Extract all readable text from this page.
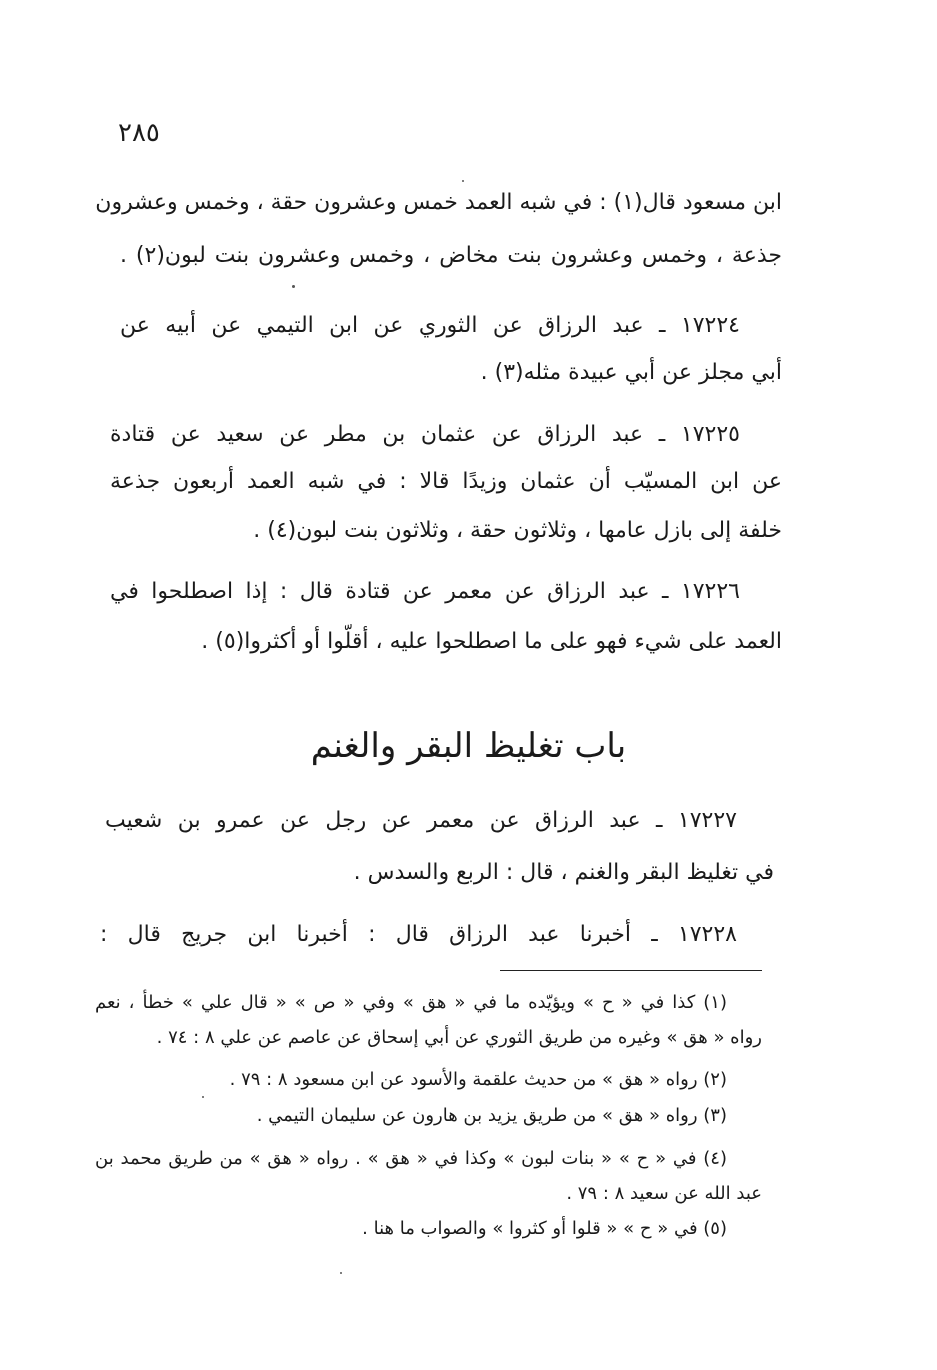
٢٨٥
ابن مسعود قال(١) : في شبه العمد خمس وعشرون حقة ، وخمس وعشرون
جذعة ، وخمس وعشرون بنت مخاض ، وخمس وعشرون بنت لبون(٢) .
١٧٢٢٤ ـ عبد الرزاق عن الثوري عن ابن التيمي عن أبيه عن
أبي مجلز عن أبي عبيدة مثله(٣) .
١٧٢٢٥ ـ عبد الرزاق عن عثمان بن مطر عن سعيد عن قتادة
عن ابن المسيّب أن عثمان وزيدًا قالا : في شبه العمد أربعون جذعة
خلفة إلى بازل عامها ، وثلاثون حقة ، وثلاثون بنت لبون(٤) .
١٧٢٢٦ ـ عبد الرزاق عن معمر عن قتادة قال : إذا اصطلحوا في
العمد على شيء فهو على ما اصطلحوا عليه ، أقلّوا أو أكثروا(٥) .
باب تغليظ البقر والغنم
١٧٢٢٧ ـ عبد الرزاق عن معمر عن رجل عن عمرو بن شعيب
في تغليظ البقر والغنم ، قال : الربع والسدس .
١٧٢٢٨ ـ أخبرنا عبد الرزاق قال : أخبرنا ابن جريج قال :
(١) كذا في « ح » ويؤيّده ما في « هق » وفي « ص » « قال علي » خطأ ، نعم
رواه « هق » وغيره من طريق الثوري عن أبي إسحاق عن عاصم عن علي ٨ : ٧٤ .
(٢) رواه « هق » من حديث علقمة والأسود عن ابن مسعود ٨ : ٧٩ .
(٣) رواه « هق » من طريق يزيد بن هارون عن سليمان التيمي .
(٤) في « ح » « بنات لبون » وكذا في « هق » . رواه « هق » من طريق محمد بن
عبد الله عن سعيد ٨ : ٧٩ .
(٥) في « ح » « قلوا أو كثروا » والصواب ما هنا .
